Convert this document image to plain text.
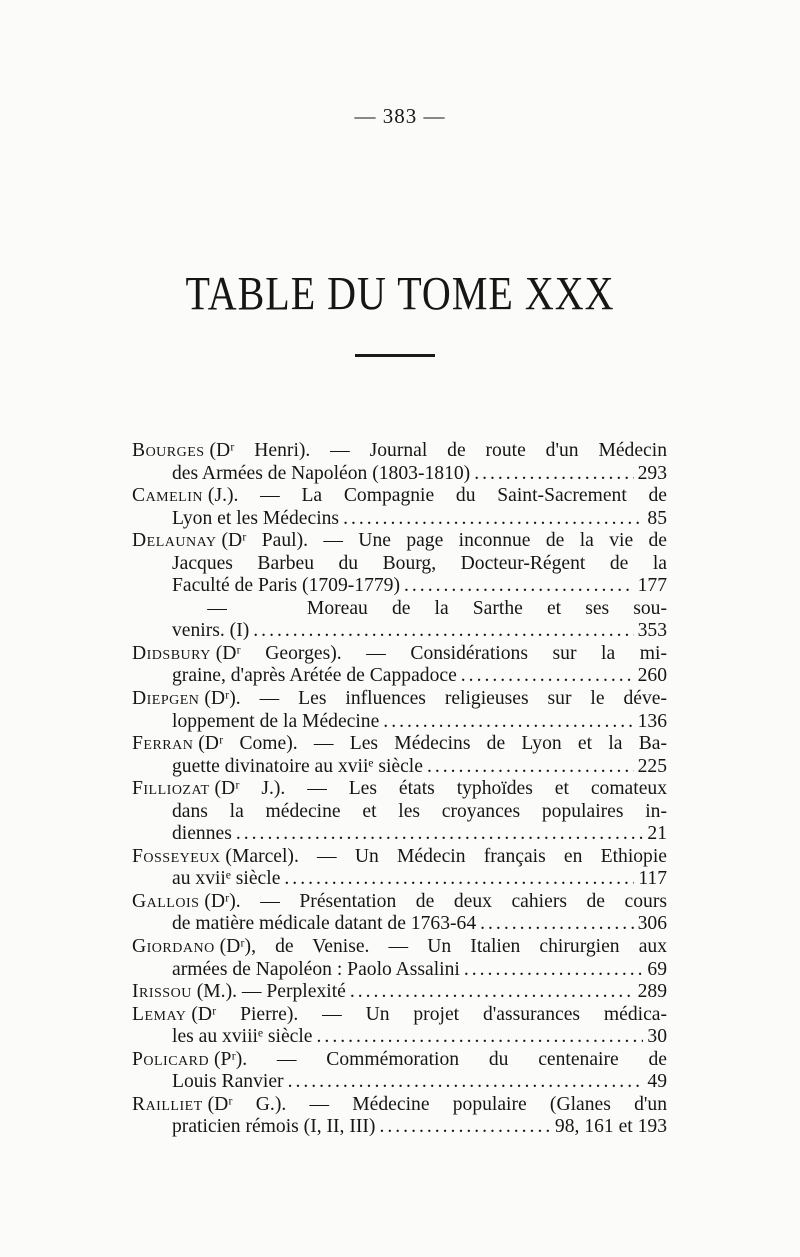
— 383 —
TABLE DU TOME XXX
Bourges
(Dʳ Henri). — Journal de route d'un Médecin
des Armées de Napoléon (1803-1810) .....	293
Camelin
(J.). — La Compagnie du Saint-Sacrement de
Lyon et les Médecins .....	85
Delaunay
(Dʳ Paul). — Une page inconnue de la vie de
Jacques Barbeu du Bourg, Docteur-Régent de la
Faculté de Paris (1709-1779) .....	177
—
	Moreau de la Sarthe et ses sou-
venirs. (I) .....	353
Didsbury
(Dʳ Georges). — Considérations sur la mi-
graine, d'après Arétée de Cappadoce .....	260
Diepgen
(Dʳ). — Les influences religieuses sur le déve-
loppement de la Médecine .....	136
Ferran
(Dʳ Come). — Les Médecins de Lyon et la Ba-
guette divinatoire au xviiᵉ siècle .....	225
Filliozat
(Dʳ J.). — Les états typhoïdes et comateux
dans la médecine et les croyances populaires in-
diennes .....	21
Fosseyeux
(Marcel). — Un Médecin français en Ethiopie
au xviiᵉ siècle .....	117
Gallois
(Dʳ). — Présentation de deux cahiers de cours
de matière médicale datant de 1763-64 .....	306
Giordano
(Dʳ), de Venise. — Un Italien chirurgien aux
armées de Napoléon : Paolo Assalini .....	69
Irissou
(M.). — Perplexité .....	289
Lemay
(Dʳ Pierre). — Un projet d'assurances médica-
les au xviiiᵉ siècle .....	30
Policard
(Pʳ). — Commémoration du centenaire de
Louis Ranvier .....	49
Railliet
(Dʳ G.). — Médecine populaire (Glanes d'un
praticien rémois (I, II, III) .....	98, 161 et 193
